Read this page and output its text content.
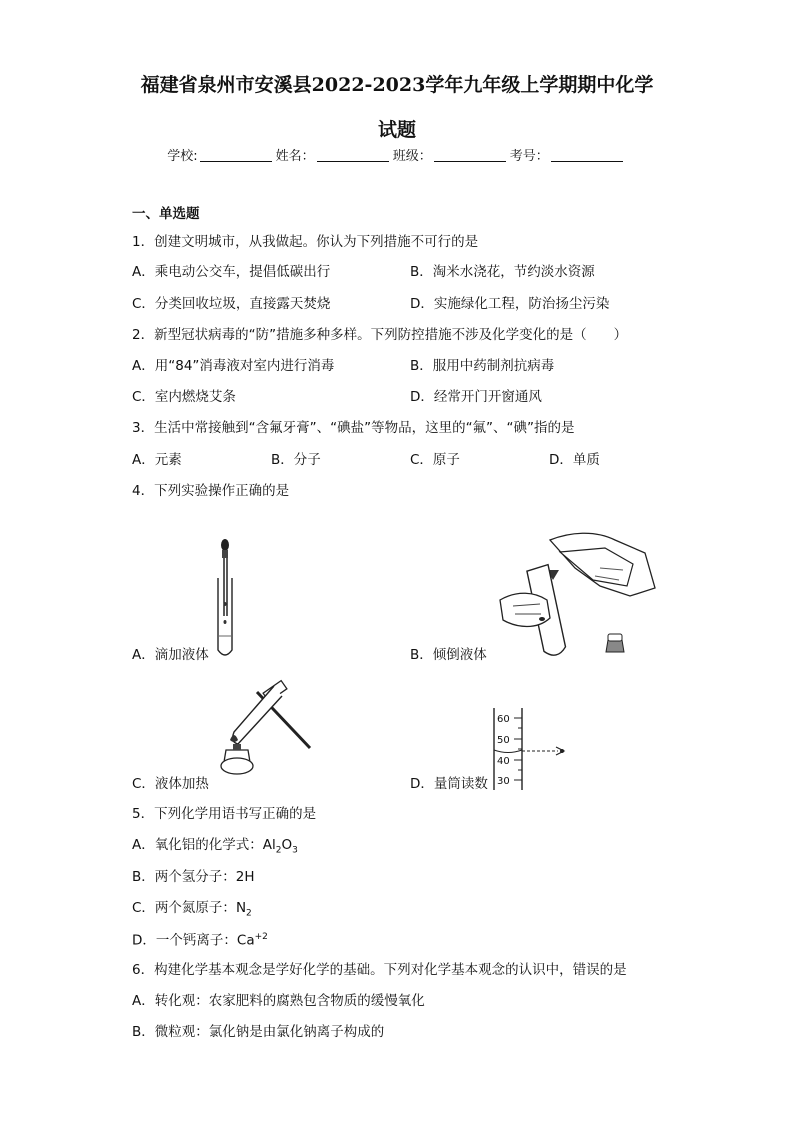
福建省泉州市安溪县2022-2023学年九年级上学期期中化学
试题
学校:	姓名：	班级：	考号：
一、单选题
1．创建文明城市，从我做起。你认为下列措施不可行的是
A．乘电动公交车，提倡低碳出行	B．淘米水浇花，节约淡水资源
C．分类回收垃圾，直接露天焚烧	D．实施绿化工程，防治扬尘污染
2．新型冠状病毒的“防”措施多种多样。下列防控措施不涉及化学变化的是（　　）
A．用“84”消毒液对室内进行消毒	B．服用中药制剂抗病毒
C．室内燃烧艾条	D．经常开门开窗通风
3．生活中常接触到“含氟牙膏”、“碘盐”等物品，这里的“氟”、“碘”指的是
A．元素	B．分子	C．原子	D．单质
4．下列实验操作正确的是
A．滴加液体	B．倾倒液体
C．液体加热
60
50
40
30
D．量筒读数
5．下列化学用语书写正确的是
A．氧化铝的化学式：$Al_2O_3$
B．两个氢分子：2H
C．两个氮原子：$N_2$
D．一个钙离子：$Ca^{+2}$
6．构建化学基本观念是学好化学的基础。下列对化学基本观念的认识中，错误的是
A．转化观：农家肥料的腐熟包含物质的缓慢氧化
B．微粒观：氯化钠是由氯化钠离子构成的
